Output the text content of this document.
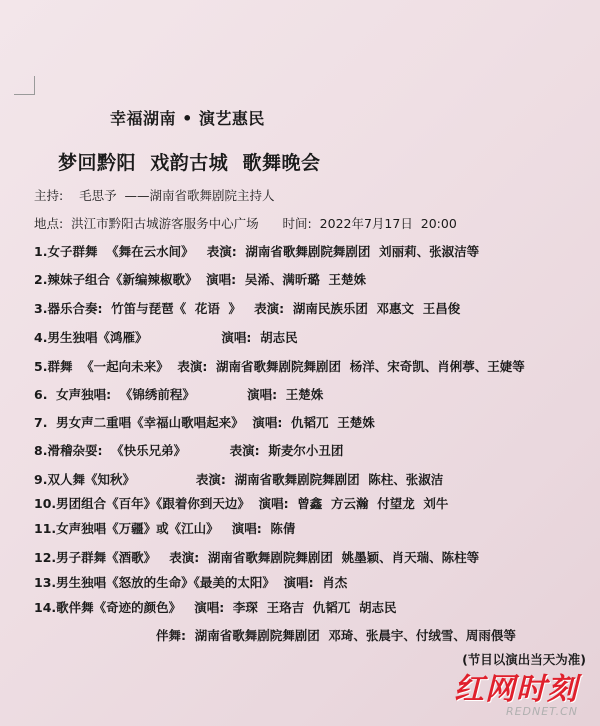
幸福湖南 • 演艺惠民
梦回黔阳  戏韵古城  歌舞晚会
主持:    毛思予  ——湖南省歌舞剧院主持人
地点:  洪江市黔阳古城游客服务中心广场      时间:  2022年7月17日  20:00
1.女子群舞  《舞在云水间》   表演:  湖南省歌舞剧院舞剧团  刘丽莉、张淑洁等
2.辣妹子组合《新编辣椒歌》  演唱:  吴浠、满昕璐  王楚姝
3.器乐合奏:  竹笛与琵琶《  花语  》   表演:  湖南民族乐团  邓惠文  王昌俊
4.男生独唱《鸿雁》                 演唱:  胡志民
5.群舞  《一起向未来》  表演:  湖南省歌舞剧院舞剧团  杨洋、宋奇凯、肖俐葶、王婕等
6.  女声独唱:  《锦绣前程》            演唱:  王楚姝
7.  男女声二重唱《幸福山歌唱起来》  演唱:  仇韬兀  王楚姝
8.滑稽杂耍:  《快乐兄弟》          表演:  斯麦尔小丑团
9.双人舞《知秋》              表演:  湖南省歌舞剧院舞剧团  陈柱、张淑洁
10.男团组合《百年》《跟着你到天边》  演唱:  曾鑫  方云瀚  付望龙  刘牛
11.女声独唱《万疆》或《江山》   演唱:  陈倩
12.男子群舞《酒歌》   表演:  湖南省歌舞剧院舞剧团  姚墨颖、肖天瑞、陈柱等
13.男生独唱《怒放的生命》《最美的太阳》  演唱:  肖杰
14.歌伴舞《奇迹的颜色》   演唱:  李琛  王珞吉  仇韬兀  胡志民
伴舞:  湖南省歌舞剧院舞剧团  邓琦、张晨宇、付绒雪、周雨偎等
(节目以演出当天为准)
红网时刻
REDNET.CN
